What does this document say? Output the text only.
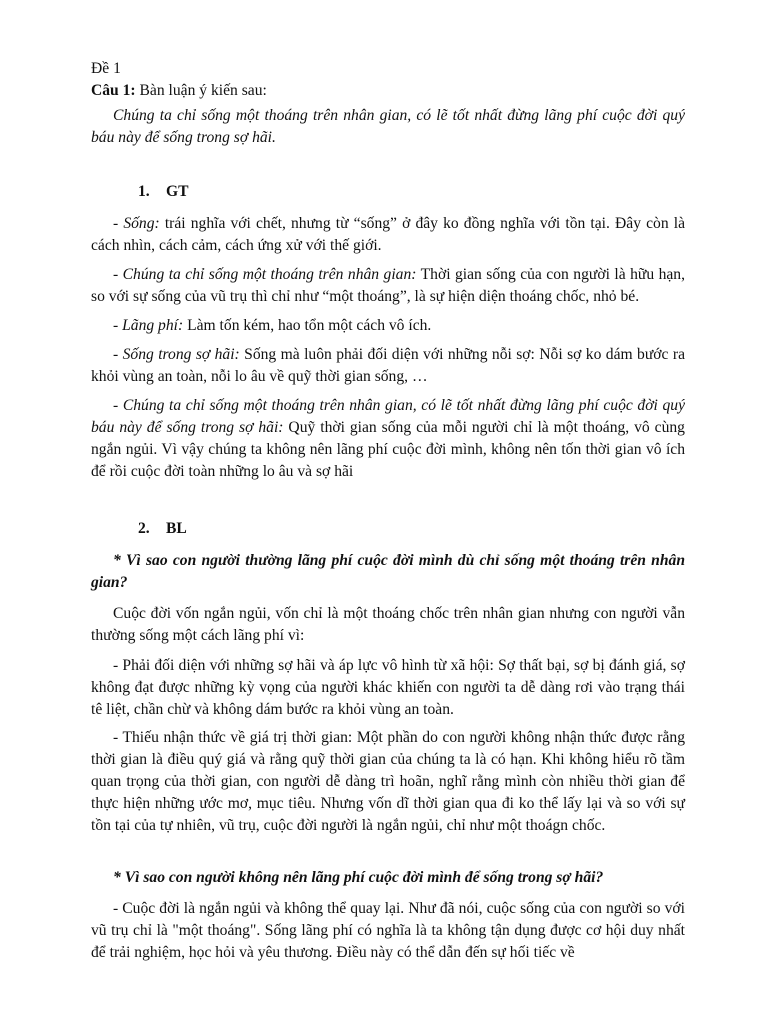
Đề 1

Câu 1: Bàn luận ý kiến sau:

Chúng ta chỉ sống một thoáng trên nhân gian, có lẽ tốt nhất đừng lãng phí cuộc đời quý báu này để sống trong sợ hãi.

1. GT

- Sống: trái nghĩa với chết, nhưng từ “sống” ở đây ko đồng nghĩa với tồn tại. Đây còn là cách nhìn, cách cảm, cách ứng xử với thế giới.

- Chúng ta chỉ sống một thoáng trên nhân gian: Thời gian sống của con người là hữu hạn, so với sự sống của vũ trụ thì chỉ như “một thoáng”, là sự hiện diện thoáng chốc, nhỏ bé.

- Lãng phí: Làm tốn kém, hao tổn một cách vô ích.

- Sống trong sợ hãi: Sống mà luôn phải đối diện với những nỗi sợ: Nỗi sợ ko dám bước ra khỏi vùng an toàn, nỗi lo âu về quỹ thời gian sống, …

- Chúng ta chỉ sống một thoáng trên nhân gian, có lẽ tốt nhất đừng lãng phí cuộc đời quý báu này để sống trong sợ hãi: Quỹ thời gian sống của mỗi người chỉ là một thoáng, vô cùng ngắn ngủi. Vì vậy chúng ta không nên lãng phí cuộc đời mình, không nên tốn thời gian vô ích để rồi cuộc đời toàn những lo âu và sợ hãi

2. BL

* Vì sao con người thường lãng phí cuộc đời mình dù chỉ sống một thoáng trên nhân gian?

Cuộc đời vốn ngắn ngủi, vốn chỉ là một thoáng chốc trên nhân gian nhưng con người vẫn thường sống một cách lãng phí vì:

- Phải đối diện với những sợ hãi và áp lực vô hình từ xã hội: Sợ thất bại, sợ bị đánh giá, sợ không đạt được những kỳ vọng của người khác khiến con người ta dễ dàng rơi vào trạng thái tê liệt, chần chừ và không dám bước ra khỏi vùng an toàn.

- Thiếu nhận thức về giá trị thời gian: Một phần do con người không nhận thức được rằng thời gian là điều quý giá và rằng quỹ thời gian của chúng ta là có hạn. Khi không hiểu rõ tầm quan trọng của thời gian, con người dễ dàng trì hoãn, nghĩ rằng mình còn nhiều thời gian để thực hiện những ước mơ, mục tiêu. Nhưng vốn dĩ thời gian qua đi ko thể lấy lại và so với sự tồn tại của tự nhiên, vũ trụ, cuộc đời người là ngắn ngủi, chỉ như một thoágn chốc.

* Vì sao con người không nên lãng phí cuộc đời mình để sống trong sợ hãi?

- Cuộc đời là ngắn ngủi và không thể quay lại. Như đã nói, cuộc sống của con người so với vũ trụ chỉ là "một thoáng". Sống lãng phí có nghĩa là ta không tận dụng được cơ hội duy nhất để trải nghiệm, học hỏi và yêu thương. Điều này có thể dẫn đến sự hối tiếc về
